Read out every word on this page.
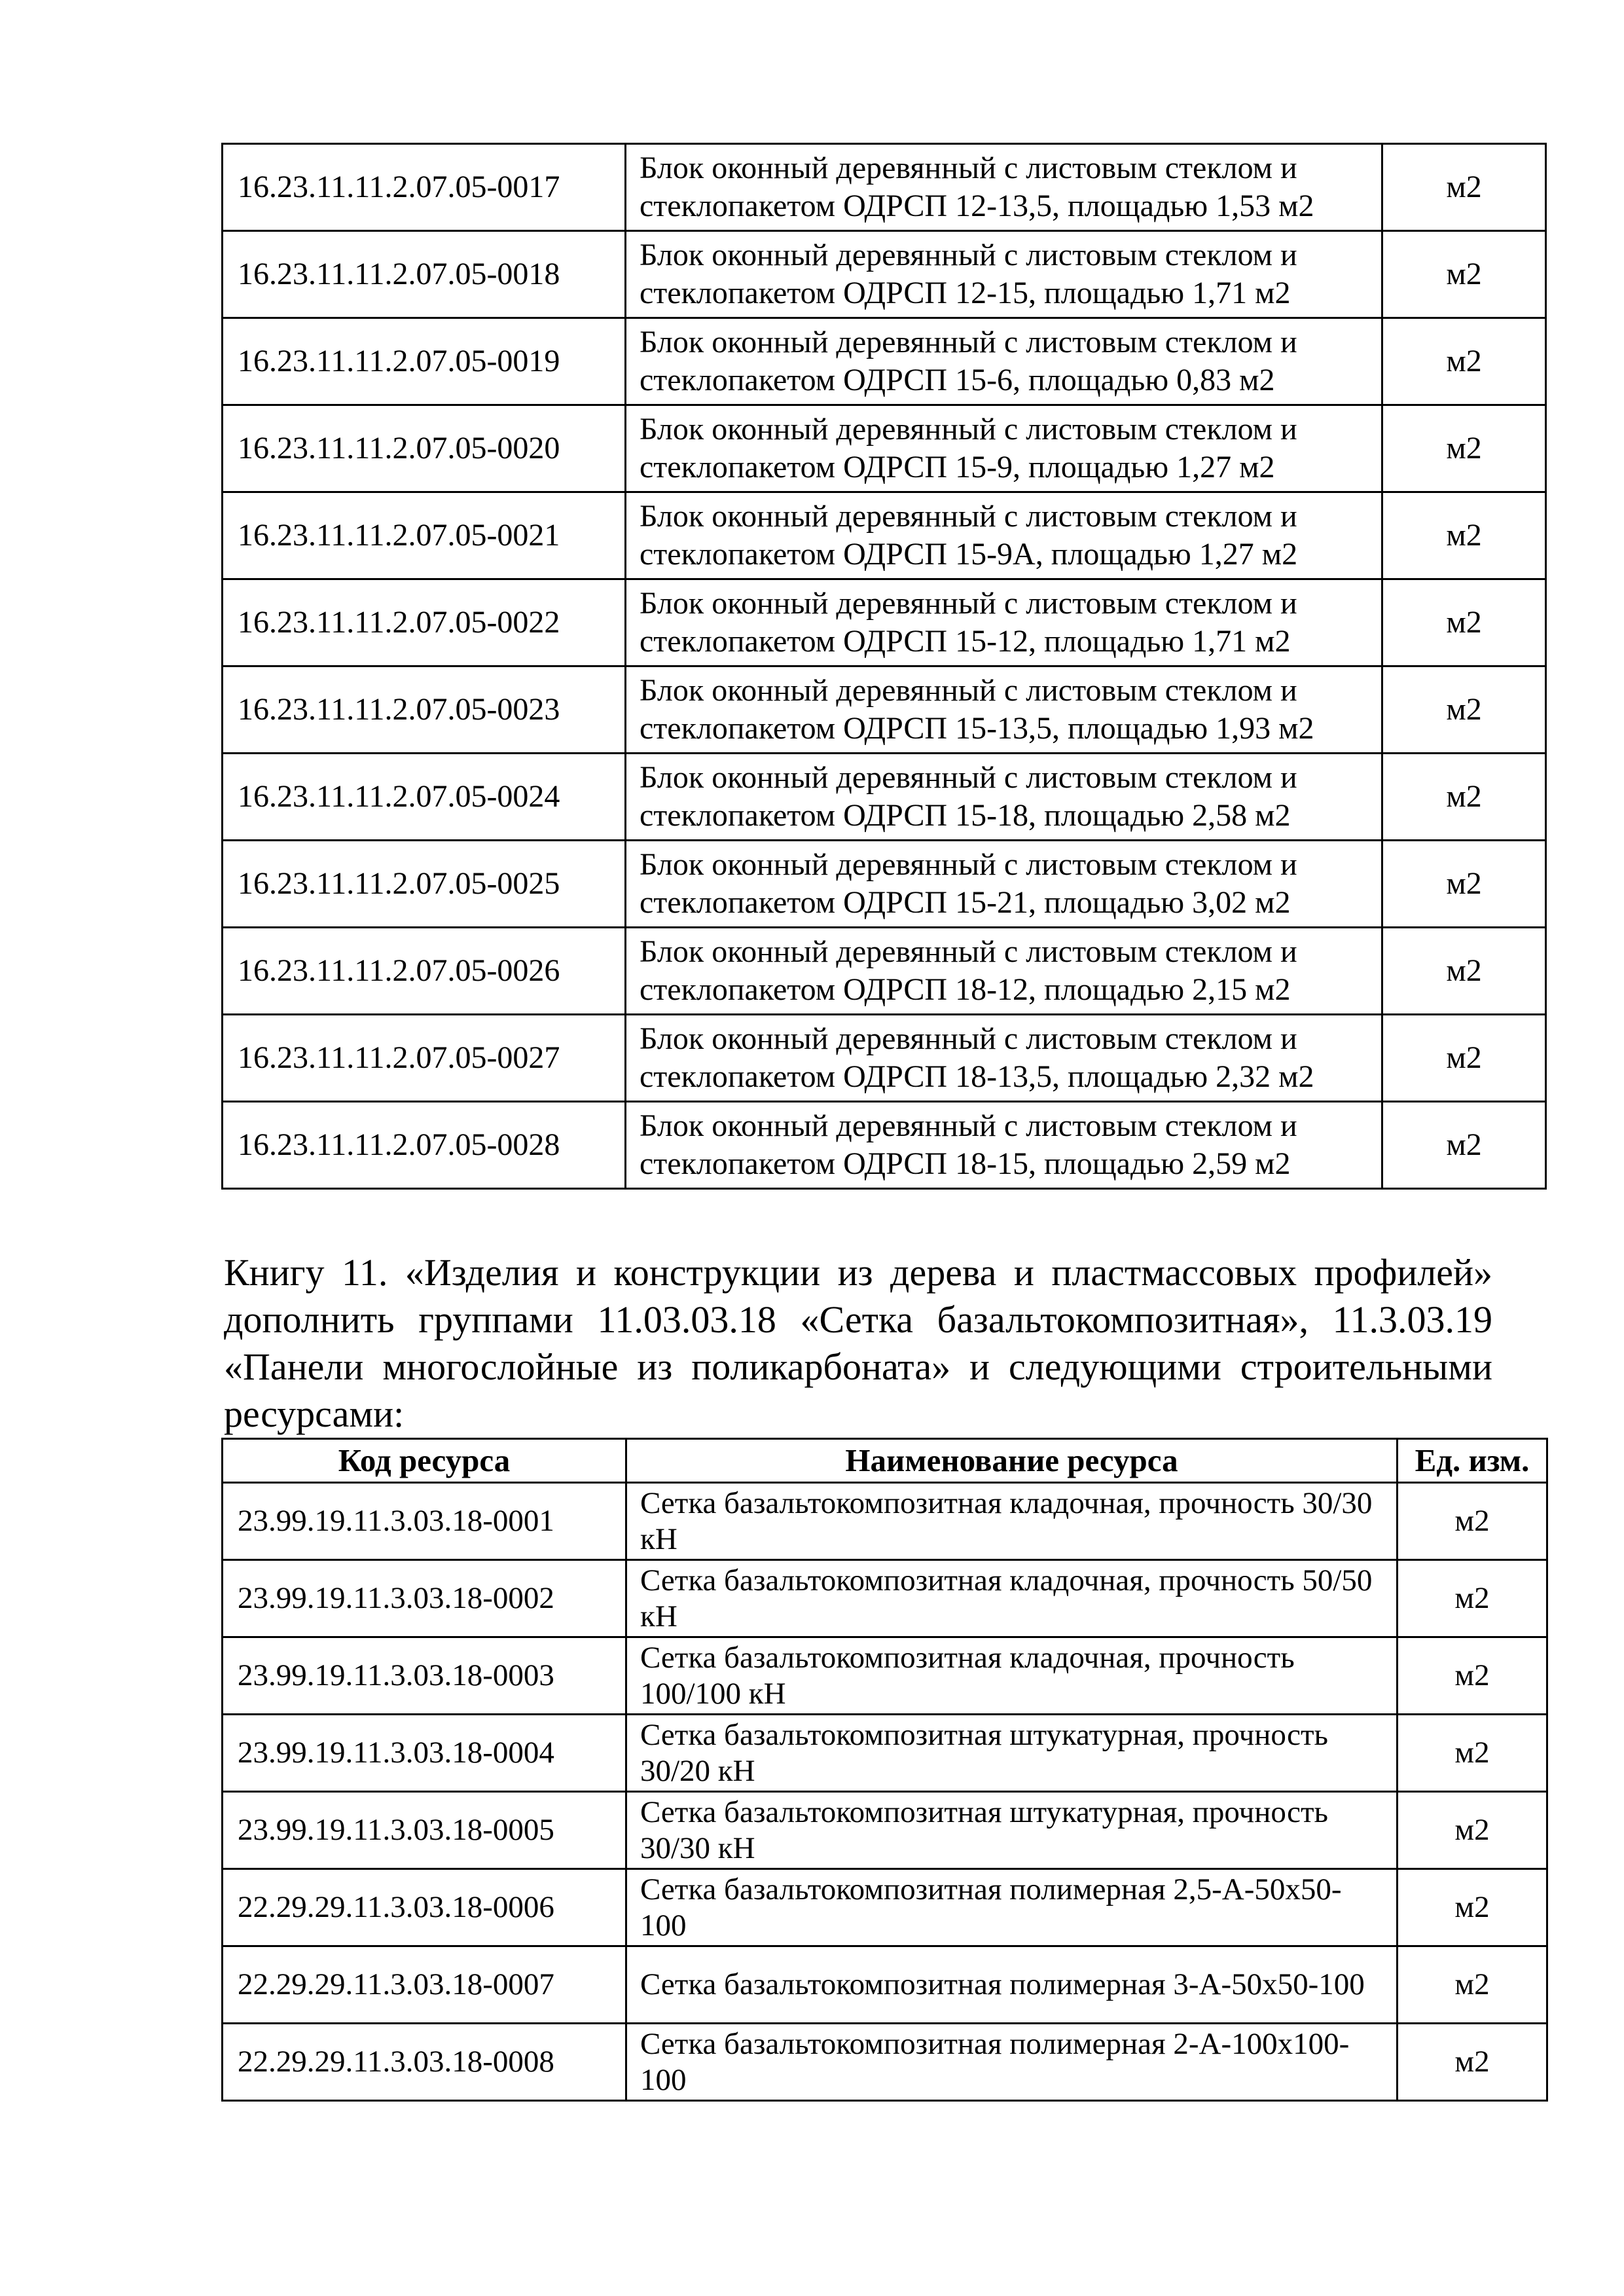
16.23.11.11.2.07.05-0017	Блок оконный деревянный с листовым стеклом и стеклопакетом ОДРСП 12-13,5, площадью 1,53 м2	м2
16.23.11.11.2.07.05-0018	Блок оконный деревянный с листовым стеклом и стеклопакетом ОДРСП 12-15, площадью 1,71 м2	м2
16.23.11.11.2.07.05-0019	Блок оконный деревянный с листовым стеклом и стеклопакетом ОДРСП 15-6, площадью 0,83 м2	м2
16.23.11.11.2.07.05-0020	Блок оконный деревянный с листовым стеклом и стеклопакетом ОДРСП 15-9, площадью 1,27 м2	м2
16.23.11.11.2.07.05-0021	Блок оконный деревянный с листовым стеклом и стеклопакетом ОДРСП 15-9А, площадью 1,27 м2	м2
16.23.11.11.2.07.05-0022	Блок оконный деревянный с листовым стеклом и стеклопакетом ОДРСП 15-12, площадью 1,71 м2	м2
16.23.11.11.2.07.05-0023	Блок оконный деревянный с листовым стеклом и стеклопакетом ОДРСП 15-13,5, площадью 1,93 м2	м2
16.23.11.11.2.07.05-0024	Блок оконный деревянный с листовым стеклом и стеклопакетом ОДРСП 15-18, площадью 2,58 м2	м2
16.23.11.11.2.07.05-0025	Блок оконный деревянный с листовым стеклом и стеклопакетом ОДРСП 15-21, площадью 3,02 м2	м2
16.23.11.11.2.07.05-0026	Блок оконный деревянный с листовым стеклом и стеклопакетом ОДРСП 18-12, площадью 2,15 м2	м2
16.23.11.11.2.07.05-0027	Блок оконный деревянный с листовым стеклом и стеклопакетом ОДРСП 18-13,5, площадью 2,32 м2	м2
16.23.11.11.2.07.05-0028	Блок оконный деревянный с листовым стеклом и стеклопакетом ОДРСП 18-15, площадью 2,59 м2	м2

Книгу 11. «Изделия и конструкции из дерева и пластмассовых профилей» дополнить группами 11.03.03.18 «Сетка базальтокомпозитная», 11.3.03.19 «Панели многослойные из поликарбоната» и следующими строительными ресурсами:

Код ресурса	Наименование ресурса	Ед. изм.
23.99.19.11.3.03.18-0001	Сетка базальтокомпозитная кладочная, прочность 30/30 кН	м2
23.99.19.11.3.03.18-0002	Сетка базальтокомпозитная кладочная, прочность 50/50 кН	м2
23.99.19.11.3.03.18-0003	Сетка базальтокомпозитная кладочная, прочность 100/100 кН	м2
23.99.19.11.3.03.18-0004	Сетка базальтокомпозитная штукатурная, прочность 30/20 кН	м2
23.99.19.11.3.03.18-0005	Сетка базальтокомпозитная штукатурная, прочность 30/30 кН	м2
22.29.29.11.3.03.18-0006	Сетка базальтокомпозитная полимерная 2,5-А-50х50-100	м2
22.29.29.11.3.03.18-0007	Сетка базальтокомпозитная полимерная 3-А-50х50-100	м2
22.29.29.11.3.03.18-0008	Сетка базальтокомпозитная полимерная 2-А-100х100-100	м2
